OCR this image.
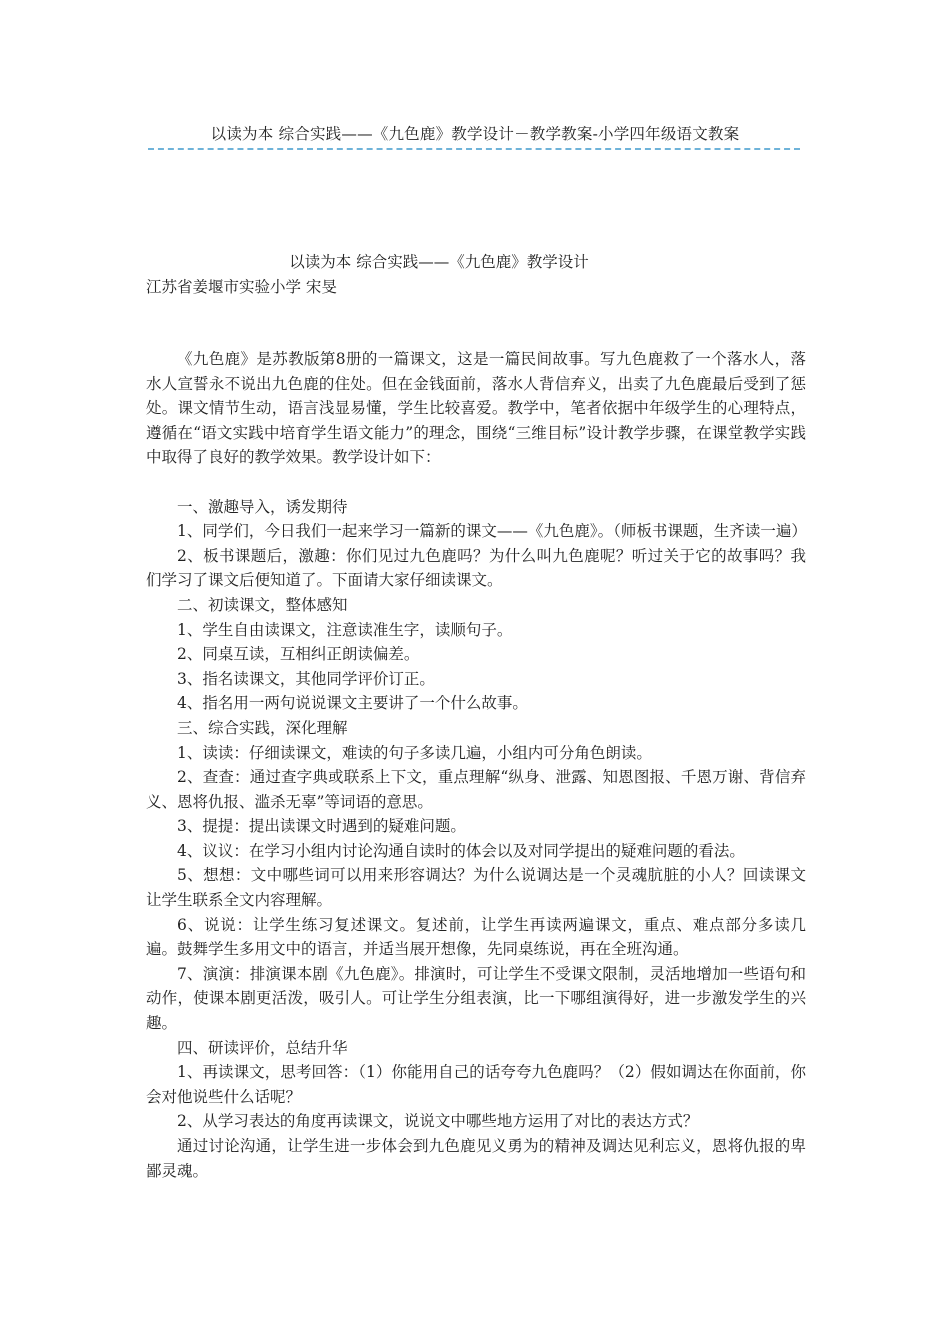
以读为本 综合实践——《九色鹿》教学设计－教学教案-小学四年级语文教案
以读为本 综合实践——《九色鹿》教学设计
江苏省姜堰市实验小学 宋旻

《九色鹿》是苏教版第8册的一篇课文，这是一篇民间故事。写九色鹿救了一个落水人，落水人宣誓永不说出九色鹿的住处。但在金钱面前，落水人背信弃义，出卖了九色鹿最后受到了惩处。课文情节生动，语言浅显易懂，学生比较喜爱。教学中，笔者依据中年级学生的心理特点，遵循在“语文实践中培育学生语文能力”的理念，围绕“三维目标”设计教学步骤，在课堂教学实践中取得了良好的教学效果。教学设计如下：

一、激趣导入，诱发期待

1、同学们，今日我们一起来学习一篇新的课文——《九色鹿》。（师板书课题，生齐读一遍）

2、板书课题后，激趣：你们见过九色鹿吗？为什么叫九色鹿呢？听过关于它的故事吗？我们学习了课文后便知道了。下面请大家仔细读课文。

二、初读课文，整体感知

1、学生自由读课文，注意读准生字，读顺句子。

2、同桌互读，互相纠正朗读偏差。

3、指名读课文，其他同学评价订正。

4、指名用一两句说说课文主要讲了一个什么故事。

三、综合实践，深化理解

1、读读：仔细读课文，难读的句子多读几遍，小组内可分角色朗读。

2、查查：通过查字典或联系上下文，重点理解“纵身、泄露、知恩图报、千恩万谢、背信弃义、恩将仇报、滥杀无辜”等词语的意思。

3、提提：提出读课文时遇到的疑难问题。

4、议议：在学习小组内讨论沟通自读时的体会以及对同学提出的疑难问题的看法。

5、想想：文中哪些词可以用来形容调达？为什么说调达是一个灵魂肮脏的小人？回读课文让学生联系全文内容理解。

6、说说：让学生练习复述课文。复述前，让学生再读两遍课文，重点、难点部分多读几遍。鼓舞学生多用文中的语言，并适当展开想像，先同桌练说，再在全班沟通。

7、演演：排演课本剧《九色鹿》。排演时，可让学生不受课文限制，灵活地增加一些语句和动作，使课本剧更活泼，吸引人。可让学生分组表演，比一下哪组演得好，进一步激发学生的兴趣。

四、研读评价，总结升华

1、再读课文，思考回答：（1）你能用自己的话夸夸九色鹿吗？（2）假如调达在你面前，你会对他说些什么话呢？

2、从学习表达的角度再读课文，说说文中哪些地方运用了对比的表达方式？

通过讨论沟通，让学生进一步体会到九色鹿见义勇为的精神及调达见利忘义，恩将仇报的卑鄙灵魂。
